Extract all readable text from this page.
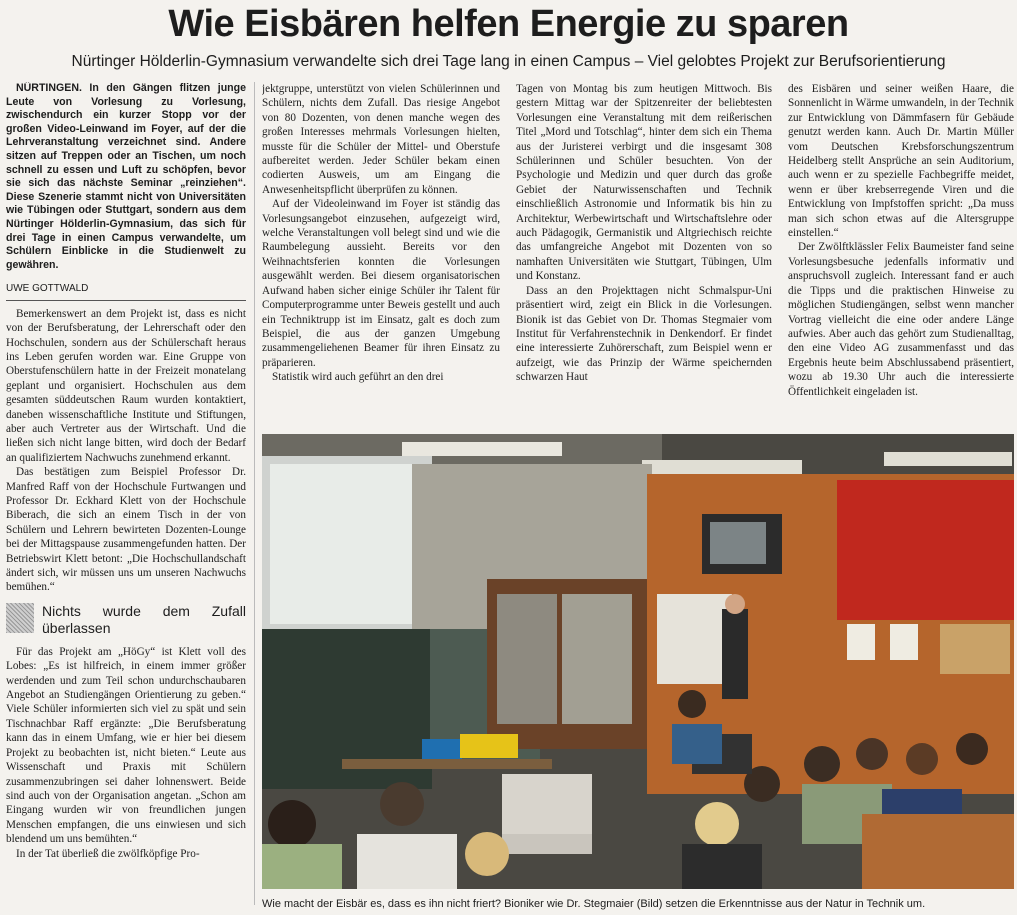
Wie Eisbären helfen Energie zu sparen
Nürtinger Hölderlin-Gymnasium verwandelte sich drei Tage lang in einen Campus – Viel gelobtes Projekt zur Berufsorientierung

NÜRTINGEN. In den Gängen flitzen junge Leute von Vorlesung zu Vorlesung, zwischendurch ein kurzer Stopp vor der großen Video-Leinwand im Foyer, auf der die Lehrveranstaltung verzeichnet sind. Andere sitzen auf Treppen oder an Tischen, um noch schnell zu essen und Luft zu schöpfen, bevor sie sich das nächste Seminar „reinziehen“. Diese Szenerie stammt nicht von Universitäten wie Tübingen oder Stuttgart, sondern aus dem Nürtinger Hölderlin-Gymnasium, das sich für drei Tage in einen Campus verwandelte, um Schülern Einblicke in die Studienwelt zu gewähren.

UWE GOTTWALD

Bemerkenswert an dem Projekt ist, dass es nicht von der Berufsberatung, der Lehrerschaft oder den Hochschulen, sondern aus der Schülerschaft heraus ins Leben gerufen worden war. Eine Gruppe von Oberstufenschülern hatte in der Freizeit monatelang geplant und organisiert. Hochschulen aus dem gesamten süddeutschen Raum wurden kontaktiert, daneben wissenschaftliche Institute und Stiftungen, aber auch Vertreter aus der Wirtschaft. Und die ließen sich nicht lange bitten, wird doch der Bedarf an qualifiziertem Nachwuchs zunehmend erkannt.

Das bestätigen zum Beispiel Professor Dr. Manfred Raff von der Hochschule Furtwangen und Professor Dr. Eckhard Klett von der Hochschule Biberach, die sich an einem Tisch in der von Schülern und Lehrern bewirteten Dozenten-Lounge bei der Mittagspause zusammengefunden hatten. Der Betriebswirt Klett betont: „Die Hochschullandschaft ändert sich, wir müssen uns um unseren Nachwuchs bemühen.“

Nichts wurde dem Zufall überlassen

Für das Projekt am „HöGy“ ist Klett voll des Lobes: „Es ist hilfreich, in einem immer größer werdenden und zum Teil schon undurchschaubaren Angebot an Studiengängen Orientierung zu geben.“ Viele Schüler informierten sich viel zu spät und sein Tischnachbar Raff ergänzte: „Die Berufsberatung kann das in einem Umfang, wie er hier bei diesem Projekt zu beobachten ist, nicht bieten.“ Leute aus Wissenschaft und Praxis mit Schülern zusammenzubringen sei daher lohnenswert. Beide sind auch von der Organisation angetan. „Schon am Eingang wurden wir von freundlichen jungen Menschen empfangen, die uns einwiesen und sich blendend um uns bemühten.“

In der Tat überließ die zwölfköpfige Pro-

jektgruppe, unterstützt von vielen Schülerinnen und Schülern, nichts dem Zufall. Das riesige Angebot von 80 Dozenten, von denen manche wegen des großen Interesses mehrmals Vorlesungen hielten, musste für die Schüler der Mittel- und Oberstufe aufbereitet werden. Jeder Schüler bekam einen codierten Ausweis, um am Eingang die Anwesenheitspflicht überprüfen zu können.

Auf der Videoleinwand im Foyer ist ständig das Vorlesungsangebot einzusehen, aufgezeigt wird, welche Veranstaltungen voll belegt sind und wie die Raumbelegung aussieht. Bereits vor den Weihnachtsferien konnten die Vorlesungen ausgewählt werden. Bei diesem organisatorischen Aufwand haben sicher einige Schüler ihr Talent für Computerprogramme unter Beweis gestellt und auch ein Techniktrupp ist im Einsatz, galt es doch zum Beispiel, die aus der ganzen Umgebung zusammengeliehenen Beamer für ihren Einsatz zu präparieren.

Statistik wird auch geführt an den drei

Tagen von Montag bis zum heutigen Mittwoch. Bis gestern Mittag war der Spitzenreiter der beliebtesten Vorlesungen eine Veranstaltung mit dem reißerischen Titel „Mord und Totschlag“, hinter dem sich ein Thema aus der Juristerei verbirgt und die insgesamt 308 Schülerinnen und Schüler besuchten. Von der Psychologie und Medizin und quer durch das große Gebiet der Naturwissenschaften und Technik einschließlich Astronomie und Informatik bis hin zu Architektur, Werbewirtschaft und Wirtschaftslehre oder auch Pädagogik, Germanistik und Altgriechisch reichte das umfangreiche Angebot mit Dozenten von so namhaften Universitäten wie Stuttgart, Tübingen, Ulm und Konstanz.

Dass an den Projekttagen nicht Schmalspur-Uni präsentiert wird, zeigt ein Blick in die Vorlesungen. Bionik ist das Gebiet von Dr. Thomas Stegmaier vom Institut für Verfahrenstechnik in Denkendorf. Er findet eine interessierte Zuhörerschaft, zum Beispiel wenn er aufzeigt, wie das Prinzip der Wärme speichernden schwarzen Haut

des Eisbären und seiner weißen Haare, die Sonnenlicht in Wärme umwandeln, in der Technik zur Entwicklung von Dämmfasern für Gebäude genutzt werden kann. Auch Dr. Martin Müller vom Deutschen Krebsforschungszentrum Heidelberg stellt Ansprüche an sein Auditorium, auch wenn er zu spezielle Fachbegriffe meidet, wenn er über krebserregende Viren und die Entwicklung von Impfstoffen spricht: „Da muss man sich schon etwas auf die Altersgruppe einstellen.“

Der Zwölftklässler Felix Baumeister fand seine Vorlesungsbesuche jedenfalls informativ und anspruchsvoll zugleich. Interessant fand er auch die Tipps und die praktischen Hinweise zu möglichen Studiengängen, selbst wenn mancher Vortrag vielleicht die eine oder andere Länge aufwies. Aber auch das gehört zum Studienalltag, den eine Video AG zusammenfasst und das Ergebnis heute beim Abschlussabend präsentiert, wozu ab 19.30 Uhr auch die interessierte Öffentlichkeit eingeladen ist.

Wie macht der Eisbär es, dass es ihn nicht friert? Bioniker wie Dr. Stegmaier (Bild) setzen die Erkenntnisse aus der Natur in Technik um.
